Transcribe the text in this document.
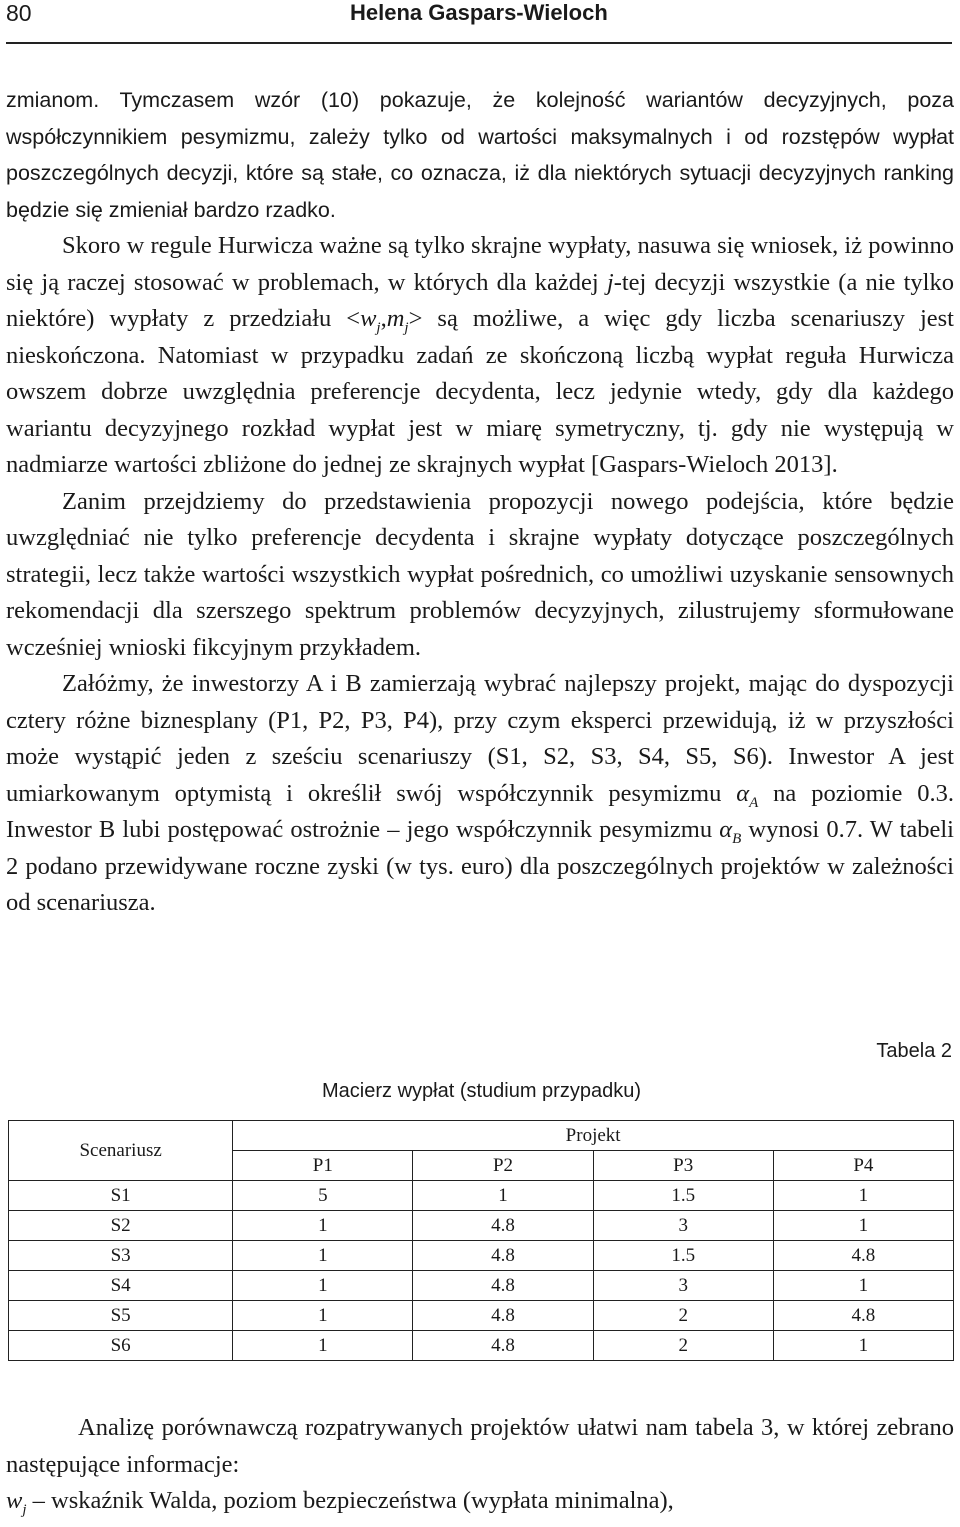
80	Helena Gaspars-Wieloch

zmianom. Tymczasem wzór (10) pokazuje, że kolejność wariantów decyzyjnych, poza współczynnikiem pesymizmu, zależy tylko od wartości maksymalnych i od rozstępów wypłat poszczególnych decyzji, które są stałe, co oznacza, iż dla niektórych sytuacji decyzyjnych ranking będzie się zmieniał bardzo rzadko.

Skoro w regule Hurwicza ważne są tylko skrajne wypłaty, nasuwa się wniosek, iż powinno się ją raczej stosować w problemach, w których dla każdej j-tej decyzji wszystkie (a nie tylko niektóre) wypłaty z przedziału $<w_j,m_j>$ są możliwe, a więc gdy liczba scenariuszy jest nieskończona. Natomiast w przypadku zadań ze skończoną liczbą wypłat reguła Hurwicza owszem dobrze uwzględnia preferencje decydenta, lecz jedynie wtedy, gdy dla każdego wariantu decyzyjnego rozkład wypłat jest w miarę symetryczny, tj. gdy nie występują w nadmiarze wartości zbliżone do jednej ze skrajnych wypłat [Gaspars-Wieloch 2013].

Zanim przejdziemy do przedstawienia propozycji nowego podejścia, które będzie uwzględniać nie tylko preferencje decydenta i skrajne wypłaty dotyczące poszczególnych strategii, lecz także wartości wszystkich wypłat pośrednich, co umożliwi uzyskanie sensownych rekomendacji dla szerszego spektrum problemów decyzyjnych, zilustrujemy sformułowane wcześniej wnioski fikcyjnym przykładem.

Załóżmy, że inwestorzy A i B zamierzają wybrać najlepszy projekt, mając do dyspozycji cztery różne biznesplany (P1, P2, P3, P4), przy czym eksperci przewidują, iż w przyszłości może wystąpić jeden z sześciu scenariuszy (S1, S2, S3, S4, S5, S6). Inwestor A jest umiarkowanym optymistą i określił swój współczynnik pesymizmu $\alpha_A$ na poziomie 0.3. Inwestor B lubi postępować ostrożnie – jego współczynnik pesymizmu $\alpha_B$ wynosi 0.7. W tabeli 2 podano przewidywane roczne zyski (w tys. euro) dla poszczególnych projektów w zależności od scenariusza.

Tabela 2
Macierz wypłat (studium przypadku)
Scenariusz	Projekt			
	P1	P2	P3	P4
S1	5	1	1.5	1
S2	1	4.8	3	1
S3	1	4.8	1.5	4.8
S4	1	4.8	3	1
S5	1	4.8	2	4.8
S6	1	4.8	2	1

Analizę porównawczą rozpatrywanych projektów ułatwi nam tabela 3, w której zebrano następujące informacje:

$w_j$ – wskaźnik Walda, poziom bezpieczeństwa (wypłata minimalna),
